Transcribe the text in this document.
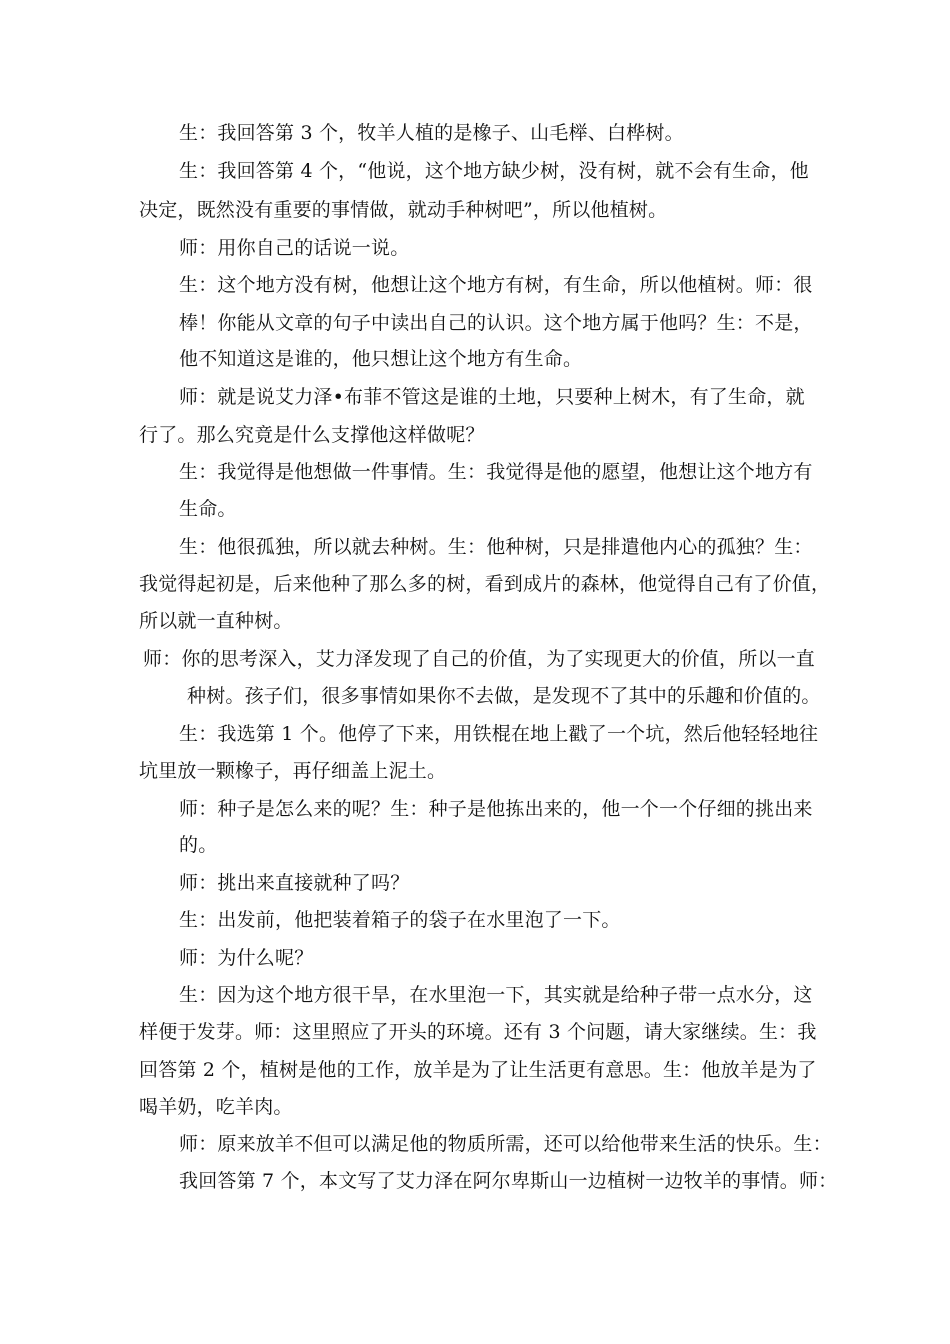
生：我回答第 3 个，牧羊人植的是橡子、山毛榉、白桦树。
生：我回答第 4 个，“他说，这个地方缺少树，没有树，就不会有生命，他
决定，既然没有重要的事情做，就动手种树吧”，所以他植树。
师：用你自己的话说一说。
生：这个地方没有树，他想让这个地方有树，有生命，所以他植树。师：很
棒！你能从文章的句子中读出自己的认识。这个地方属于他吗？生：不是，
他不知道这是谁的，他只想让这个地方有生命。
师：就是说艾力泽•布菲不管这是谁的土地，只要种上树木，有了生命，就
行了。那么究竟是什么支撑他这样做呢？
生：我觉得是他想做一件事情。生：我觉得是他的愿望，他想让这个地方有
生命。
生：他很孤独，所以就去种树。生：他种树，只是排遣他内心的孤独？生：
我觉得起初是，后来他种了那么多的树，看到成片的森林，他觉得自己有了价值，
所以就一直种树。
师：你的思考深入，艾力泽发现了自己的价值，为了实现更大的价值，所以一直
种树。孩子们，很多事情如果你不去做，是发现不了其中的乐趣和价值的。
生：我选第 1 个。他停了下来，用铁棍在地上戳了一个坑，然后他轻轻地往
坑里放一颗橡子，再仔细盖上泥土。
师：种子是怎么来的呢？生：种子是他拣出来的，他一个一个仔细的挑出来
的。
师：挑出来直接就种了吗？
生：出发前，他把装着箱子的袋子在水里泡了一下。
师：为什么呢？
生：因为这个地方很干旱，在水里泡一下，其实就是给种子带一点水分，这
样便于发芽。师：这里照应了开头的环境。还有 3 个问题，请大家继续。生：我
回答第 2 个，植树是他的工作，放羊是为了让生活更有意思。生：他放羊是为了
喝羊奶，吃羊肉。
师：原来放羊不但可以满足他的物质所需，还可以给他带来生活的快乐。生：
我回答第 7 个，本文写了艾力泽在阿尔卑斯山一边植树一边牧羊的事情。师：
